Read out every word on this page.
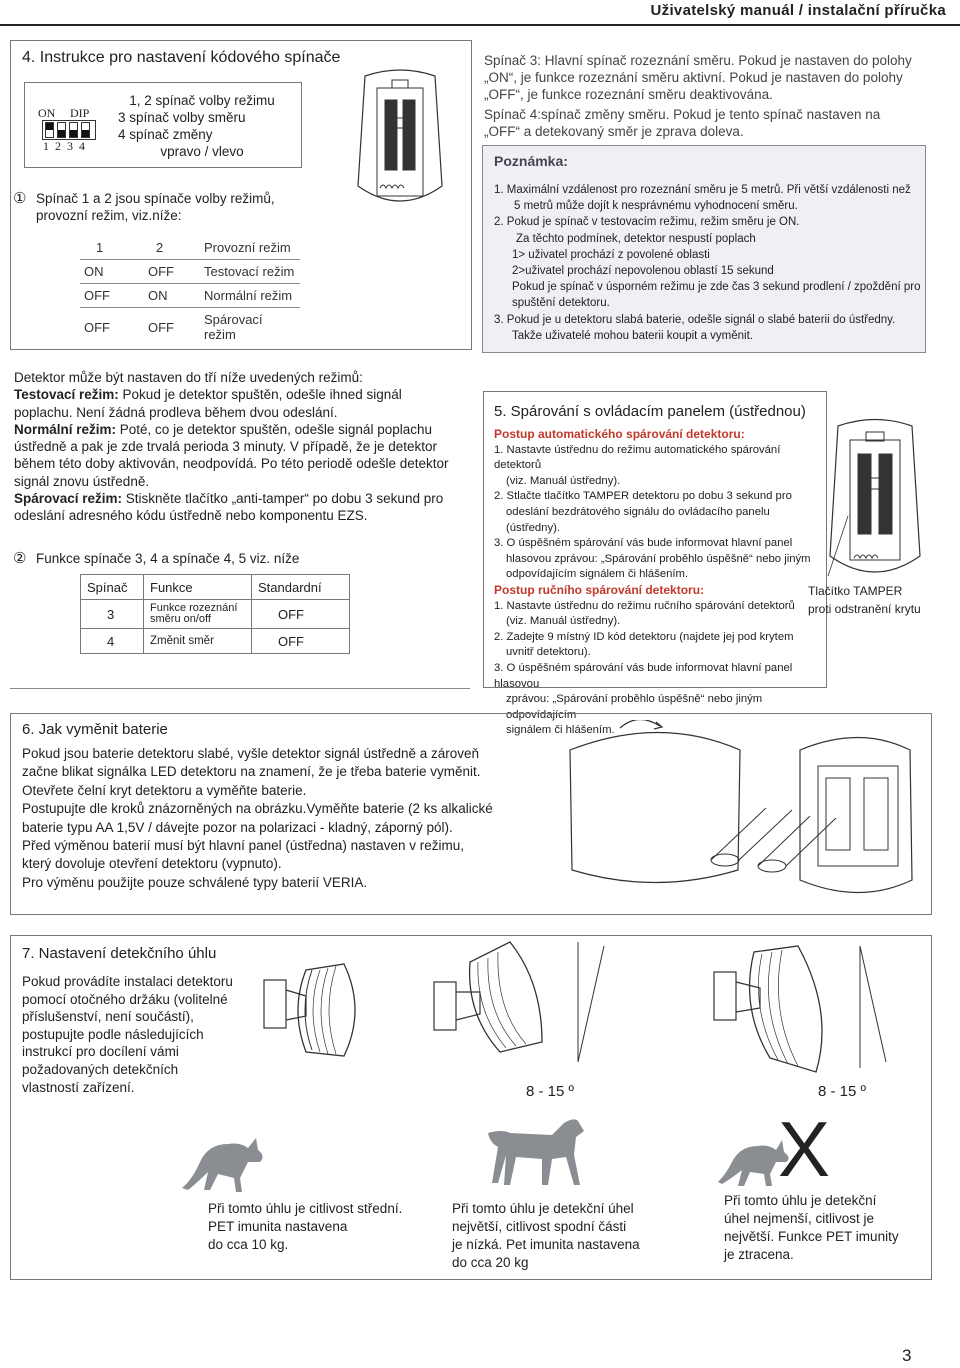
Uživatelský manuál / instalační příručka
4. Instrukce pro nastavení kódového spínače
ON DIP
1  2  3  4
1, 2 spínač volby režimu
3 spínač volby směru
4 spínač změny
vpravo / vlevo
① Spínač 1 a 2 jsou spínače volby režimů, provozní režim, viz.níže:
1	2	Provozní režim
ON	OFF	Testovací režim
OFF	ON	Normální režim
OFF	OFF	Spárovací režim
Spínač 3: Hlavní spínač rozeznání směru. Pokud je nastaven do polohy „ON“, je funkce rozeznání směru aktivní. Pokud je nastaven do polohy „OFF“, je funkce rozeznání směru deaktivována.
Spínač 4:spínač změny směru. Pokud je tento spínač nastaven na „OFF“ a detekovaný směr je zprava doleva.
Poznámka:
1. Maximální vzdálenost pro rozeznání směru je 5 metrů. Při větší vzdálenosti než
5 metrů může dojít k nesprávnému vyhodnocení směru.
2. Pokud je spínač v testovacím režimu, režim směru je ON.
Za těchto podmínek, detektor nespustí poplach
1> uživatel prochází z povolené oblasti
2>uživatel prochází nepovolenou oblastí 15 sekund
Pokud je spínač v úsporném režimu je zde čas 3 sekund prodlení / zpoždění pro
spuštění detektoru.
3. Pokud je u detektoru slabá baterie, odešle signál o slabé baterii do ústředny.
Takže uživatelé mohou baterii koupit a vyměnit.
Detektor může být nastaven do tří níže uvedených režimů:
Testovací režim: Pokud je detektor spuštěn, odešle ihned signál poplachu. Není žádná prodleva během dvou odeslání.
Normální režim: Poté, co je detektor spuštěn, odešle signál poplachu ústředně a pak je zde trvalá perioda 3 minuty. V případě, že je detektor během této doby aktivován, neodpovídá. Po této periodě odešle detektor signál znovu ústředně.
Spárovací režim: Stiskněte tlačítko „anti-tamper“ po dobu 3 sekund pro odeslání adresného kódu ústředně nebo komponentu EZS.
② Funkce spínače 3, 4 a spínače 4, 5 viz. níže
Spínač	Funkce	Standardní
3	Funkce rozeznání směru on/off	OFF
4	Změnit směr	OFF
5. Spárování s ovládacím panelem (ústřednou)
Postup automatického spárování detektoru:
1. Nastavte ústřednu do režimu automatického spárování detektorů
(viz. Manuál ústředny).
2. Stlačte tlačítko TAMPER detektoru po dobu 3 sekund pro
odeslání bezdrátového signálu do ovládacího panelu (ústředny).
3. O úspěšném spárování vás bude informovat hlavní panel
hlasovou zprávou: „Spárování proběhlo úspěšně“ nebo jiným
odpovídajícím signálem či hlášením.
Postup ručního spárování detektoru:
1. Nastavte ústřednu do režimu ručního spárování detektorů
(viz. Manuál ústředny).
2. Zadejte 9 místný ID kód detektoru (najdete jej pod krytem
uvnitř detektoru).
3. O úspěšném spárování vás bude informovat hlavní panel hlasovou
zprávou: „Spárování proběhlo úspěšně“ nebo jiným odpovídajícím
signálem či hlášením.
Tlačítko TAMPER
proti odstranění krytu
6. Jak vyměnit baterie
Pokud jsou baterie detektoru slabé, vyšle detektor signál ústředně a zároveň
začne blikat signálka LED detektoru na znamení, že je třeba baterie vyměnit.
Otevřete čelní kryt detektoru a vyměňte baterie.
Postupujte dle kroků znázorněných na obrázku.Vyměňte baterie (2 ks alkalické
baterie typu AA 1,5V / dávejte pozor na polarizaci - kladný, záporný pól).
Před výměnou baterií musí být hlavní panel (ústředna) nastaven v režimu,
který dovoluje otevření detektoru (vypnuto).
Pro výměnu použijte pouze schválené typy baterií VERIA.
7. Nastavení detekčního úhlu
Pokud provádíte instalaci detektoru
pomocí otočného držáku (volitelné
příslušenství, není součástí),
postupujte podle následujících
instrukcí pro docílení vámi
požadovaných detekčních
vlastností zařízení.	8 - 15 º	8 - 15 º
X
Při tomto úhlu je citlivost střední.
PET imunita nastavena
do cca 10 kg.
Při tomto úhlu je detekční úhel
největší, citlivost spodní části
je nízká. Pet imunita nastavena
do cca 20 kg
Při tomto úhlu je detekční
úhel nejmenší, citlivost je
největší. Funkce PET imunity
je ztracena.
3
